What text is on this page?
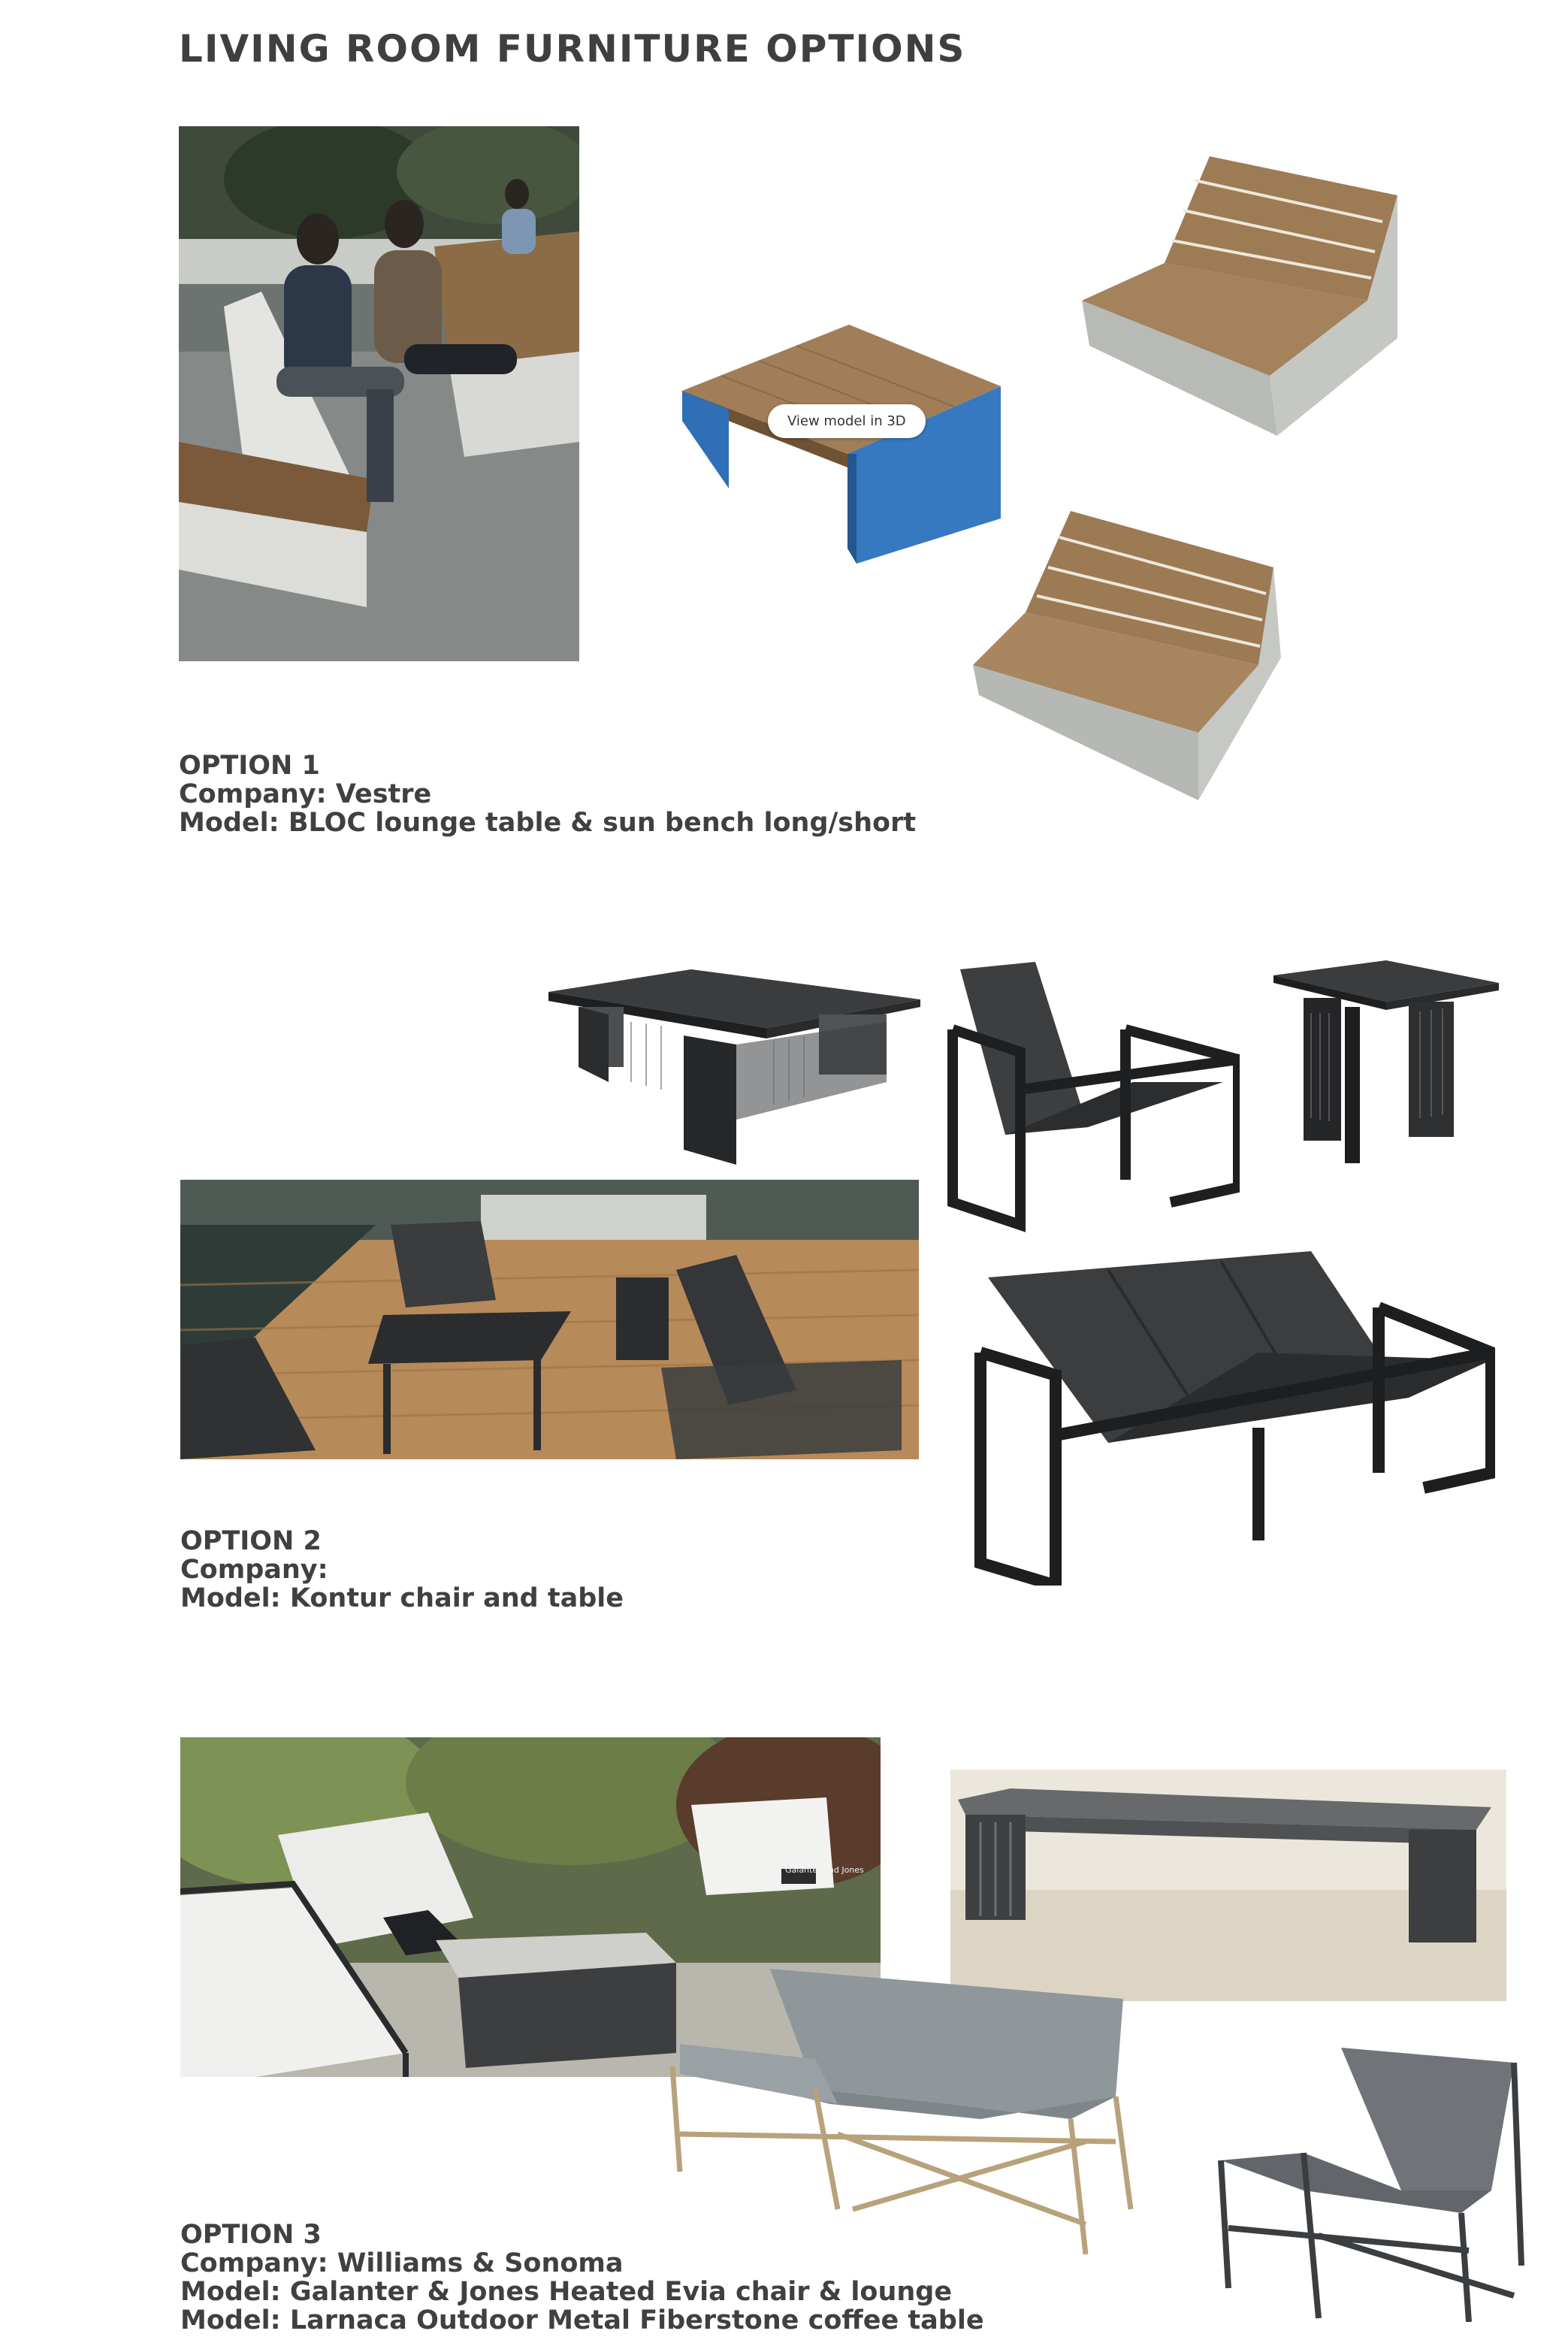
LIVING ROOM FURNITURE OPTIONS
View model in 3D
OPTION 1
Company: Vestre
Model: BLOC lounge table & sun bench long/short
OPTION 2
Company:
Model: Kontur chair and table
Galanter and Jones
OPTION 3
Company: Williams & Sonoma
Model: Galanter & Jones Heated Evia chair & lounge
Model: Larnaca Outdoor Metal Fiberstone coffee table
